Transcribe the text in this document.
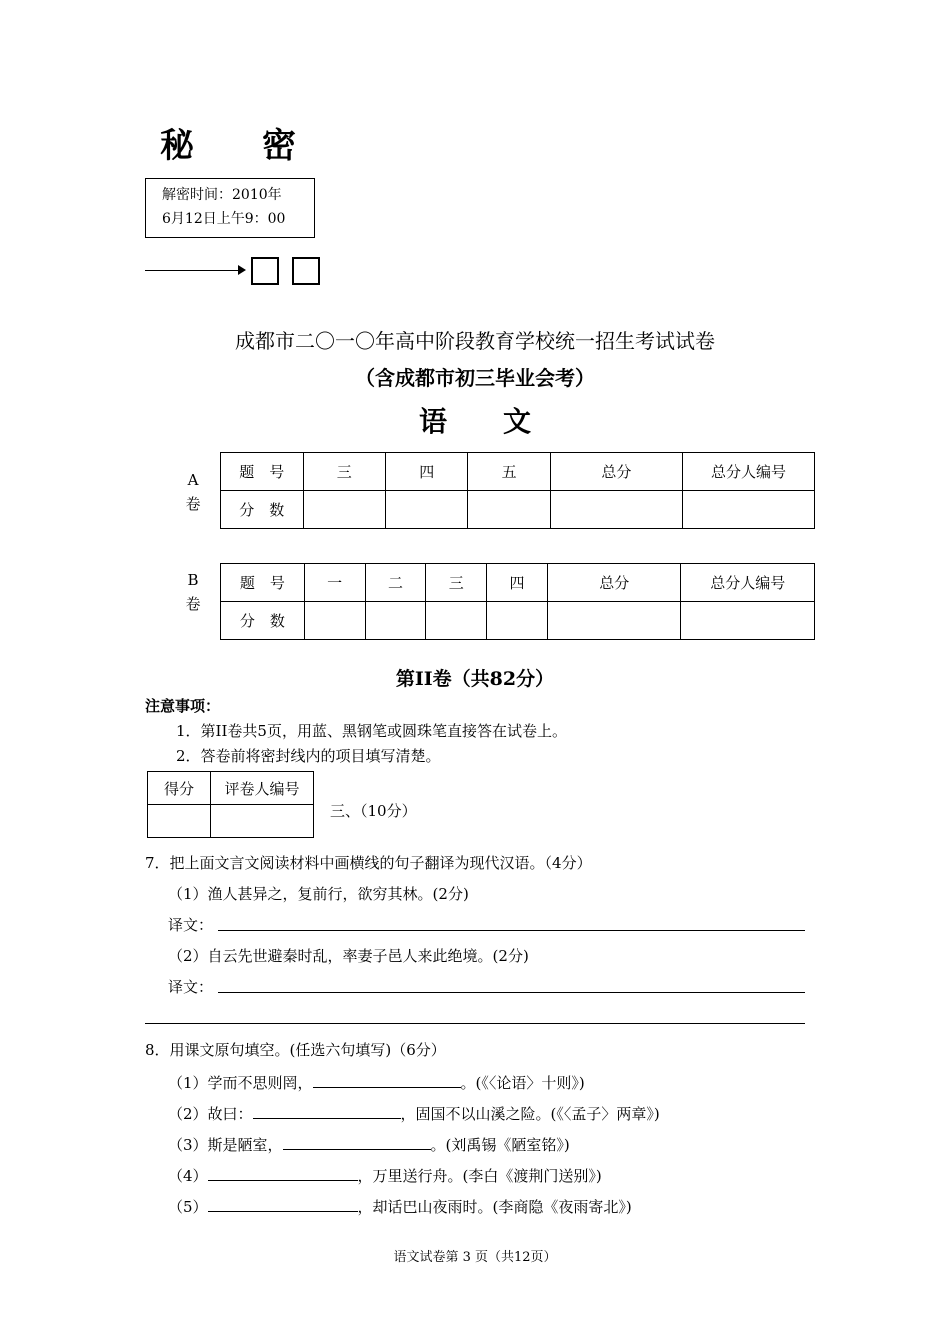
秘密
解密时间：2010年
6月12日上午9：00
成都市二〇一〇年高中阶段教育学校统一招生考试试卷
（含成都市初三毕业会考）
语文
A
卷
题　号	三	四	五	总分	总分人编号
分　数					
B
卷
题　号	一	二	三	四	总分	总分人编号
分　数						
第II卷（共82分）
注意事项：
1．第II卷共5页，用蓝、黑钢笔或圆珠笔直接答在试卷上。
2．答卷前将密封线内的项目填写清楚。
得分	评卷人编号

三、（10分）
7．把上面文言文阅读材料中画横线的句子翻译为现代汉语。（4分）
（1）渔人甚异之，复前行，欲穷其林。(2分)
译文：
（2）自云先世避秦时乱，率妻子邑人来此绝境。(2分)
译文：
8．用课文原句填空。(任选六句填写)（6分）
（1）学而不思则罔，	。(《〈论语〉十则》)
（2）故曰：	，固国不以山溪之险。(《〈孟子〉两章》)
（3）斯是陋室，	。(刘禹锡《陋室铭》)
（4）	，万里送行舟。(李白《渡荆门送别》)
（5）	，却话巴山夜雨时。(李商隐《夜雨寄北》)
语文试卷第 3 页（共12页）
